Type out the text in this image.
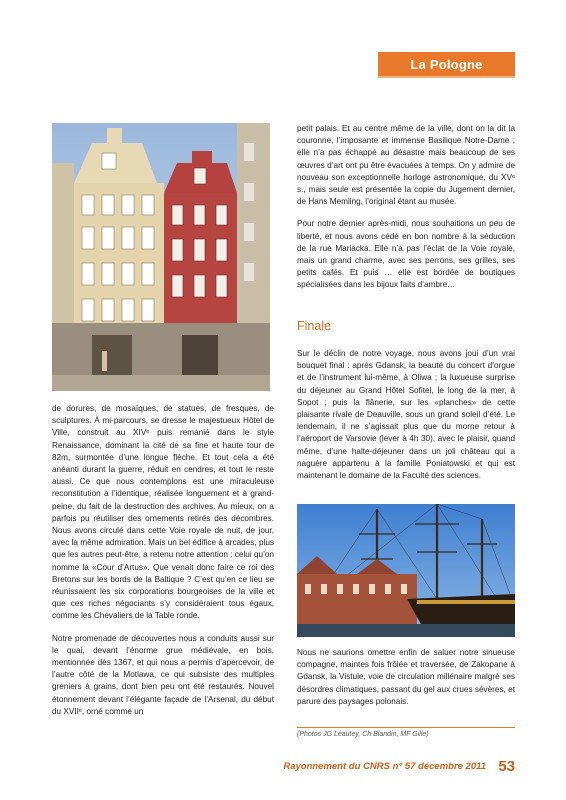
La Pologne

de dorures, de mosaïques, de statues, de fresques, de sculptures. À mi-parcours, se dresse le majestueux Hôtel de Ville, construit au XIVᵉ puis remanié dans le style Renaissance, dominant la cité de sa fine et haute tour de 82m, surmontée d’une longue flèche. Et tout cela a été anéanti durant la guerre, réduit en cendres, et tout le reste aussi. Ce que nous contemplons est une miraculeuse reconstitution à l’identique, réalisée longuement et à grand-peine, du fait de la destruction des archives. Au mieux, on a parfois pu réutiliser des ornements retirés des décombres. Nous avons circulé dans cette Voie royale de nuit, de jour, avec la même admiration. Mais un bel édifice à arcades, plus que les autres peut-être, a retenu notre attention : celui qu’on nomme la «Cour d’Artus». Que venait donc faire ce roi des Bretons sur les bords de la Baltique ? C’est qu’en ce lieu se réunissaient les six corporations bourgeoises de la ville et que ces riches négociants s’y considéraient tous égaux, comme les Chevaliers de la Table ronde.

Notre promenade de découvertes nous a conduits aussi sur le quai, devant l’énorme grue médiévale, en bois, mentionnée dès 1367, et qui nous a permis d’apercevoir, de l’autre côté de la Motlawa, ce qui subsiste des multiples greniers à grains, dont bien peu ont été restaurés. Nouvel étonnement devant l’élégante façade de l’Arsenal, du début du XVIIᵉ, orné comme un

petit palais. Et au centre même de la ville, dont on la dit la couronne, l’imposante et immense Basilique Notre-Dame ; elle n’a pas échappé au désastre mais beaucoup de ses œuvres d’art ont pu être évacuées à temps. On y admire de nouveau son exceptionnelle horloge astronomique, du XVᵉ s., mais seule est présentée la copie du Jugement dernier, de Hans Memling, l’original étant au musée.

Pour notre dernier après-midi, nous souhaitions un peu de liberté, et nous avons cédé en bon nombre à la séduction de la rue Mariacka. Elle n’a pas l’éclat de la Voie royale, mais un grand charme, avec ses perrons, ses grilles, ses petits cafés. Et puis … elle est bordée de boutiques spécialisées dans les bijoux faits d’ambre…

Finale

Sur le déclin de notre voyage, nous avons joui d’un vrai bouquet final : après Gdansk, la beauté du concert d’orgue et de l’instrument lui-même, à Oliwa ; la luxueuse surprise du déjeuner au Grand Hôtel Sofitel, le long de la mer, à Sopot ; puis la flânerie, sur les «planches» de cette plaisante rivale de Deauville, sous un grand soleil d’été. Le lendemain, il ne s’agissait plus que du morne retour à l’aéroport de Varsovie (lever à 4h 30), avec le plaisir, quand même, d’une halte-déjeuner dans un joli château qui a naguère appartenu à la famille Poniatowski et qui est maintenant le domaine de la Faculté des sciences.

Nous ne saurions omettre enfin de saluer notre sinueuse compagne, maintes fois frôlée et traversée, de Zakopane à Gdansk, la Vistule, voie de circulation millénaire malgré ses désordres climatiques, passant du gel aux crues sévères, et parure des paysages polonais.

(Photos JG Léautey, Ch Blandin, MF Gille)
Rayonnement du CNRS n° 57 décembre 2011 53
